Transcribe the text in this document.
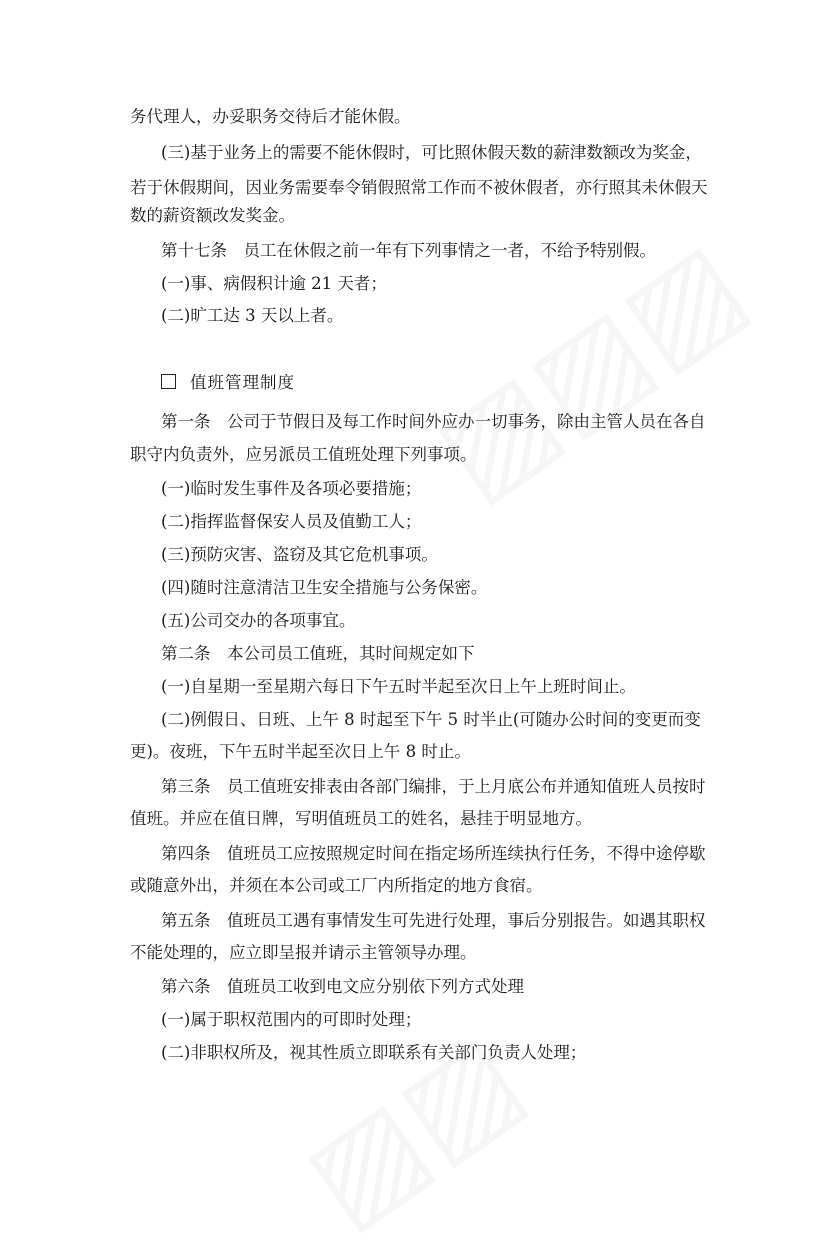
务代理人，办妥职务交待后才能休假。
(三)基于业务上的需要不能休假时，可比照休假天数的薪津数额改为奖金，
若于休假期间，因业务需要奉令销假照常工作而不被休假者，亦行照其未休假天
数的薪资额改发奖金。
第十七条　员工在休假之前一年有下列事情之一者，不给予特别假。
(一)事、病假积计逾 21 天者；
(二)旷工达 3 天以上者。
值班管理制度
第一条　公司于节假日及每工作时间外应办一切事务，除由主管人员在各自
职守内负责外，应另派员工值班处理下列事项。
(一)临时发生事件及各项必要措施；
(二)指挥监督保安人员及值勤工人；
(三)预防灾害、盗窃及其它危机事项。
(四)随时注意清洁卫生安全措施与公务保密。
(五)公司交办的各项事宜。
第二条　本公司员工值班，其时间规定如下
(一)自星期一至星期六每日下午五时半起至次日上午上班时间止。
(二)例假日、日班、上午 8 时起至下午 5 时半止(可随办公时间的变更而变
更)。夜班，下午五时半起至次日上午 8 时止。
第三条　员工值班安排表由各部门编排，于上月底公布并通知值班人员按时
值班。并应在值日牌，写明值班员工的姓名，悬挂于明显地方。
第四条　值班员工应按照规定时间在指定场所连续执行任务，不得中途停歇
或随意外出，并须在本公司或工厂内所指定的地方食宿。
第五条　值班员工遇有事情发生可先进行处理，事后分别报告。如遇其职权
不能处理的，应立即呈报并请示主管领导办理。
第六条　值班员工收到电文应分别依下列方式处理
(一)属于职权范围内的可即时处理；
(二)非职权所及，视其性质立即联系有关部门负责人处理；
